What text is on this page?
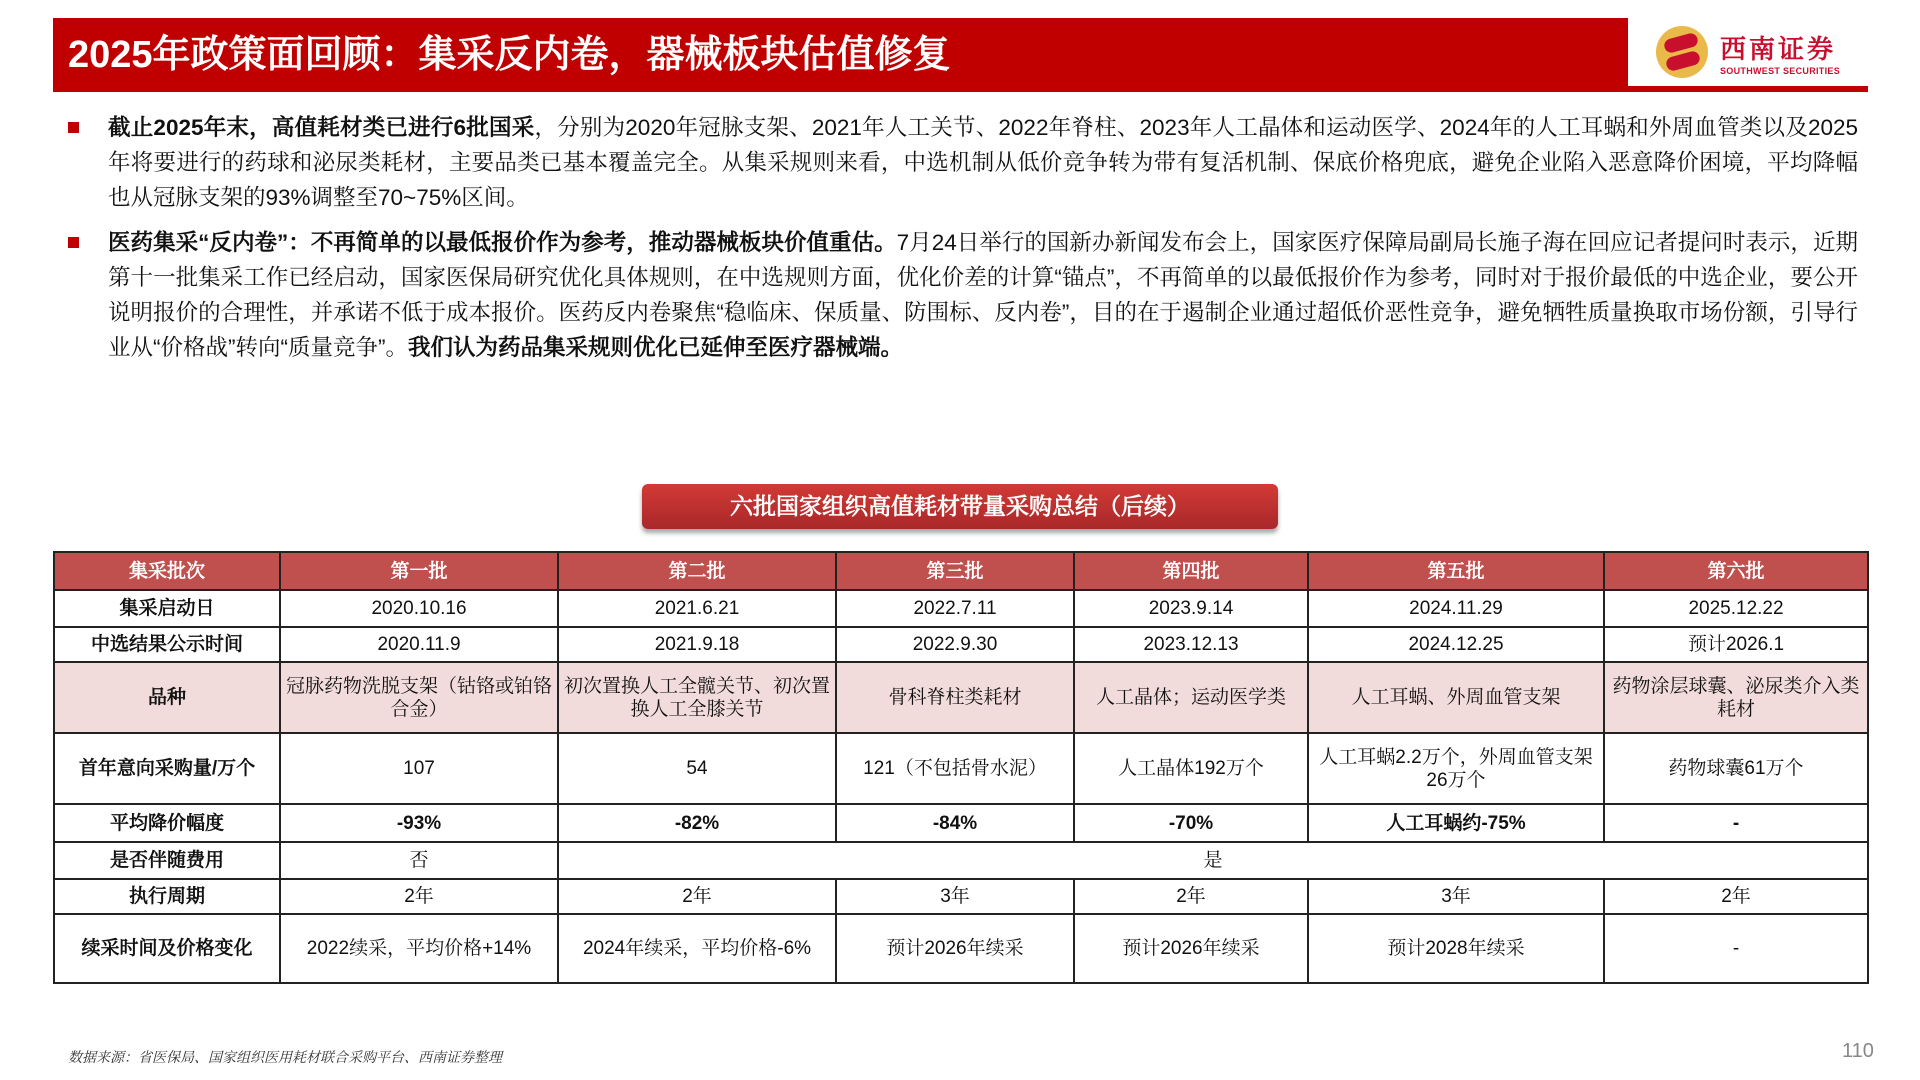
2025年政策面回顾：集采反内卷，器械板块估值修复	西南证券
SOUTHWEST SECURITIES
截止2025年末，高值耗材类已进行6批国采，分别为2020年冠脉支架、2021年人工关节、2022年脊柱、2023年人工晶体和运动医学、2024年的人工耳蜗和外周血管类以及2025年将要进行的药球和泌尿类耗材，主要品类已基本覆盖完全。从集采规则来看，中选机制从低价竞争转为带有复活机制、保底价格兜底，避免企业陷入恶意降价困境，平均降幅也从冠脉支架的93%调整至70~75%区间。
医药集采“反内卷”：不再简单的以最低报价作为参考，推动器械板块价值重估。7月24日举行的国新办新闻发布会上，国家医疗保障局副局长施子海在回应记者提问时表示，近期第十一批集采工作已经启动，国家医保局研究优化具体规则，在中选规则方面，优化价差的计算“锚点”，不再简单的以最低报价作为参考，同时对于报价最低的中选企业，要公开说明报价的合理性，并承诺不低于成本报价。医药反内卷聚焦“稳临床、保质量、防围标、反内卷”，目的在于遏制企业通过超低价恶性竞争，避免牺牲质量换取市场份额，引导行业从“价格战”转向“质量竞争”。我们认为药品集采规则优化已延伸至医疗器械端。
六批国家组织高值耗材带量采购总结（后续）
集采批次	第一批	第二批	第三批	第四批	第五批	第六批
集采启动日	2020.10.16	2021.6.21	2022.7.11	2023.9.14	2024.11.29	2025.12.22
中选结果公示时间	2020.11.9	2021.9.18	2022.9.30	2023.12.13	2024.12.25	预计2026.1
品种	冠脉药物洗脱支架（钴铬或铂铬合金）	初次置换人工全髋关节、初次置换人工全膝关节	骨科脊柱类耗材	人工晶体；运动医学类	人工耳蜗、外周血管支架	药物涂层球囊、泌尿类介入类耗材
首年意向采购量/万个	107	54	121（不包括骨水泥）	人工晶体192万个	人工耳蜗2.2万个，外周血管支架26万个	药物球囊61万个
平均降价幅度	-93%	-82%	-84%	-70%	人工耳蜗约-75%	-
是否伴随费用	否	是				
执行周期	2年	2年	3年	2年	3年	2年
续采时间及价格变化	2022续采，平均价格+14%	2024年续采，平均价格-6%	预计2026年续采	预计2026年续采	预计2028年续采	-
数据来源：省医保局、国家组织医用耗材联合采购平台、西南证券整理	110
